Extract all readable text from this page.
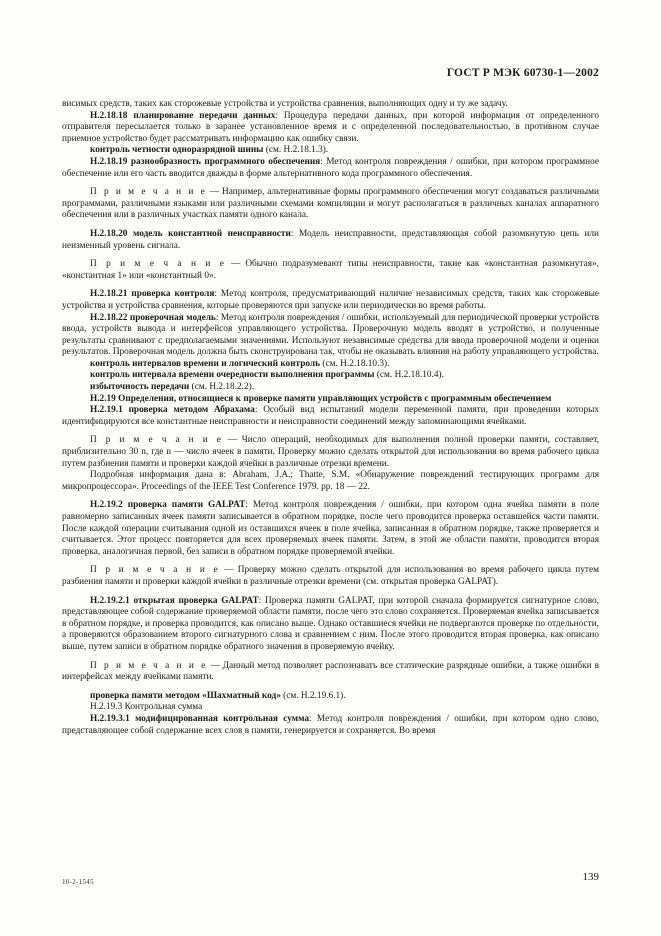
ГОСТ Р МЭК 60730-1—2002

висимых средств, таких как сторожевые устройства и устройства сравнения, выполняющих одну и ту же задачу.

H.2.18.18 планирование передачи данных: Процедура передачи данных, при которой информация от определенного отправителя пересылается только в заранее установленное время и с определенной последовательностью, в противном случае приемное устройство будет рассматривать информацию как ошибку связи.

контроль четности одноразрядной шины (см. H.2.18.1.3).

H.2.18.19 разнообразность программного обеспечения: Метод контроля повреждения / ошибки, при котором программное обеспечение или его часть вводится дважды в форме альтернативного кода программного обеспечения.

П р и м е ч а н и е — Например, альтернативные формы программного обеспечения могут создаваться различными программами, различными языками или различными схемами компиляции и могут располагаться в различных каналах аппаратного обеспечения или в различных участках памяти одного канала.

H.2.18.20 модель константной неисправности: Модель неисправности, представляющая собой разомкнутую цепь или неизменный уровень сигнала.

П р и м е ч а н и е — Обычно подразумевают типы неисправности, такие как «константная разомкнутая», «константная 1» или «константный 0».

H.2.18.21 проверка контроля: Метод контроля, предусматривающий наличие независимых средств, таких как сторожевые устройства и устройства сравнения, которые проверяются при запуске или периодически во время работы.

H.2.18.22 проверочная модель: Метод контроля повреждения / ошибки, используемый для периодической проверки устройств ввода, устройств вывода и интерфейсов управляющего устройства. Проверочную модель вводят в устройство, и полученные результаты сравнивают с предполагаемыми значениями. Используют независимые средства для ввода проверочной модели и оценки результатов. Проверочная модель должна быть сконструирована так, чтобы не оказывать влияния на работу управляющего устройства.

контроль интервалов времени и логический контроль (см. H.2.18.10.3).

контроль интервала времени очередности выполнения программы (см. H.2.18.10.4).

избыточность передачи (см. H.2.18.2.2).

H.2.19 Определения, относящиеся к проверке памяти управляющих устройств с программным обеспечением

H.2.19.1 проверка методом Абрахама: Особый вид испытаний модели переменной памяти, при проведении которых идентифицируются все константные неисправности и неисправности соединений между запоминающими ячейками.

П р и м е ч а н и е — Число операций, необходимых для выполнения полной проверки памяти, составляет, приблизительно 30 n, где n — число ячеек в памяти. Проверку можно сделать открытой для использования во время рабочего цикла путем разбиения памяти и проверки каждой ячейки в различные отрезки времени.

Подробная информация дана в: Abraham, J.A.; Thatte, S.M. «Обнаружение повреждений тестирующих программ для микропроцессора». Proceedings of the IEEE Test Conference 1979. pp. 18 — 22.

H.2.19.2 проверка памяти GALPAT: Метод контроля повреждения / ошибки, при котором одна ячейка памяти в поле равномерно записанных ячеек памяти записывается в обратном порядке, после чего проводится проверка оставшейся части памяти. После каждой операции считывания одной из оставшихся ячеек в поле ячейка, записанная в обратном порядке, также проверяется и считывается. Этот процесс повторяется для всех проверяемых ячеек памяти. Затем, в этой же области памяти, проводится вторая проверка, аналогичная первой, без записи в обратном порядке проверяемой ячейки.

П р и м е ч а н и е — Проверку можно сделать открытой для использования во время рабочего цикла путем разбиения памяти и проверки каждой ячейки в различные отрезки времени (см. открытая проверка GALPAT).

H.2.19.2.1 открытая проверка GALPAT: Проверка памяти GALPAT, при которой сначала формируется сигнатурное слово, представляющее собой содержание проверяемой области памяти, после чего это слово сохраняется. Проверяемая ячейка записывается в обратном порядке, и проверка проводится, как описано выше. Однако оставшиеся ячейки не подвергаются проверке по отдельности, а проверяются образованием второго сигнатурного слова и сравнением с ним. После этого проводится вторая проверка, как описано выше, путем записи в обратном порядке обратного значения в проверяемую ячейку.

П р и м е ч а н и е — Данный метод позволяет распознавать все статические разрядные ошибки, а также ошибки в интерфейсах между ячейками памяти.

проверка памяти методом «Шахматный код» (см. H.2.19.6.1).

H.2.19.3 Контрольная сумма

H.2.19.3.1 модифицированная контрольная сумма: Метод контроля повреждения / ошибки, при котором одно слово, представляющее собой содержание всех слов в памяти, генерируется и сохраняется. Во время

10-2-1545	139
